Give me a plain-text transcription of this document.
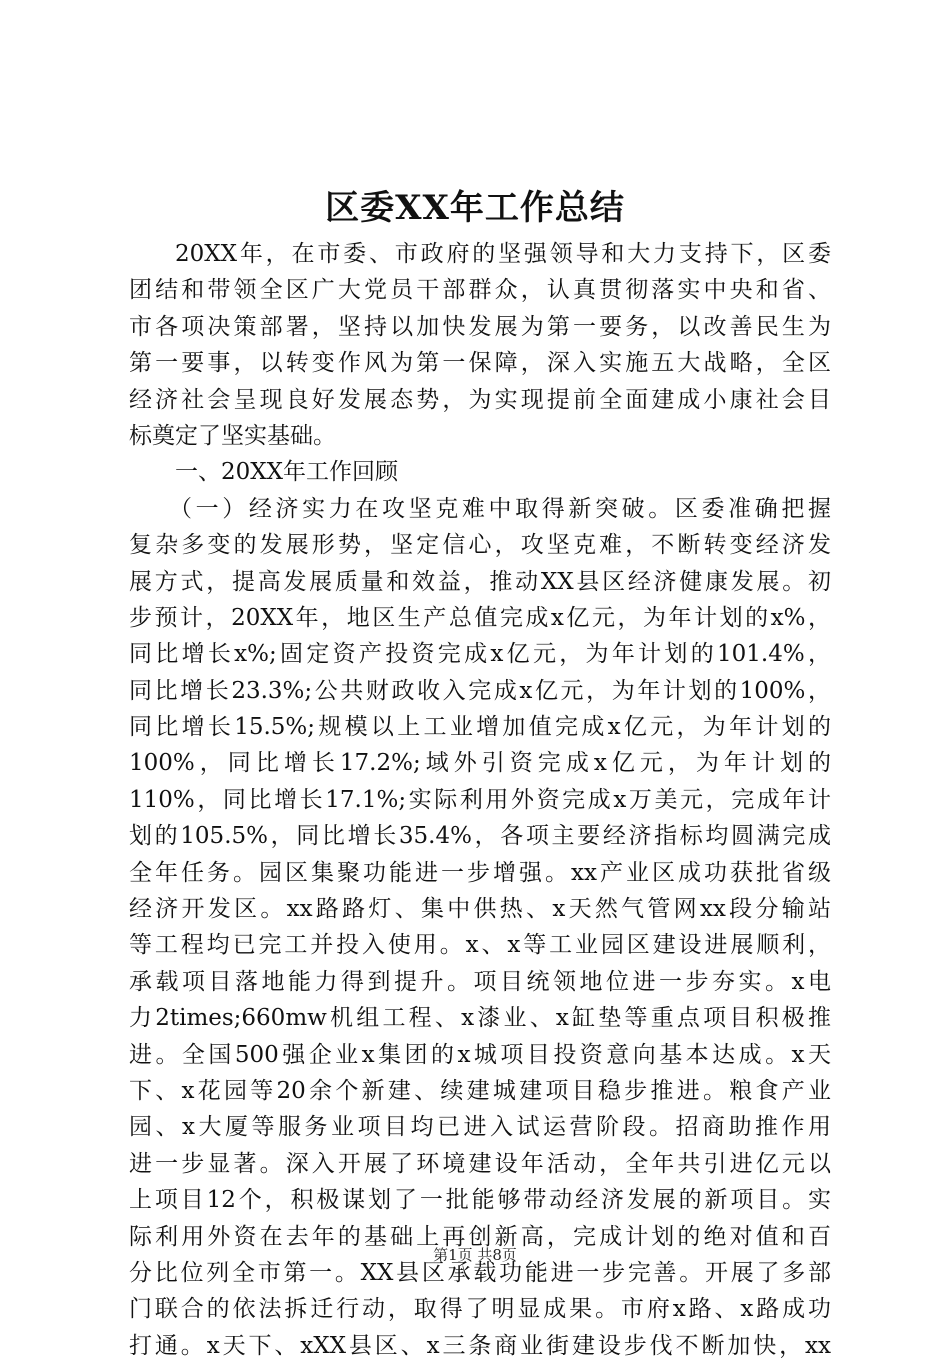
区委XX年工作总结
20XX年，在市委、市政府的坚强领导和大力支持下，区委
团结和带领全区广大党员干部群众，认真贯彻落实中央和省、
市各项决策部署，坚持以加快发展为第一要务，以改善民生为
第一要事，以转变作风为第一保障，深入实施五大战略，全区
经济社会呈现良好发展态势，为实现提前全面建成小康社会目
标奠定了坚实基础。
一、20XX年工作回顾
（一）经济实力在攻坚克难中取得新突破。区委准确把握
复杂多变的发展形势，坚定信心，攻坚克难，不断转变经济发
展方式，提高发展质量和效益，推动XX县区经济健康发展。初
步预计，20XX年，地区生产总值完成x亿元，为年计划的x%，
同比增长x%;固定资产投资完成x亿元，为年计划的101.4%，
同比增长23.3%;公共财政收入完成x亿元，为年计划的100%，
同比增长15.5%;规模以上工业增加值完成x亿元，为年计划的
100%，同比增长17.2%;域外引资完成x亿元，为年计划的
110%，同比增长17.1%;实际利用外资完成x万美元，完成年计
划的105.5%，同比增长35.4%，各项主要经济指标均圆满完成
全年任务。园区集聚功能进一步增强。xx产业区成功获批省级
经济开发区。xx路路灯、集中供热、x天然气管网xx段分输站
等工程均已完工并投入使用。x、x等工业园区建设进展顺利，
承载项目落地能力得到提升。项目统领地位进一步夯实。x电
力2times;660mw机组工程、x漆业、x缸垫等重点项目积极推
进。全国500强企业x集团的x城项目投资意向基本达成。x天
下、x花园等20余个新建、续建城建项目稳步推进。粮食产业
园、x大厦等服务业项目均已进入试运营阶段。招商助推作用
进一步显著。深入开展了环境建设年活动，全年共引进亿元以
上项目12个，积极谋划了一批能够带动经济发展的新项目。实
际利用外资在去年的基础上再创新高，完成计划的绝对值和百
分比位列全市第一。XX县区承载功能进一步完善。开展了多部
门联合的依法拆迁行动，取得了明显成果。市府x路、x路成功
打通。x天下、xXX县区、x三条商业街建设步伐不断加快，xx
第1页 共8页
